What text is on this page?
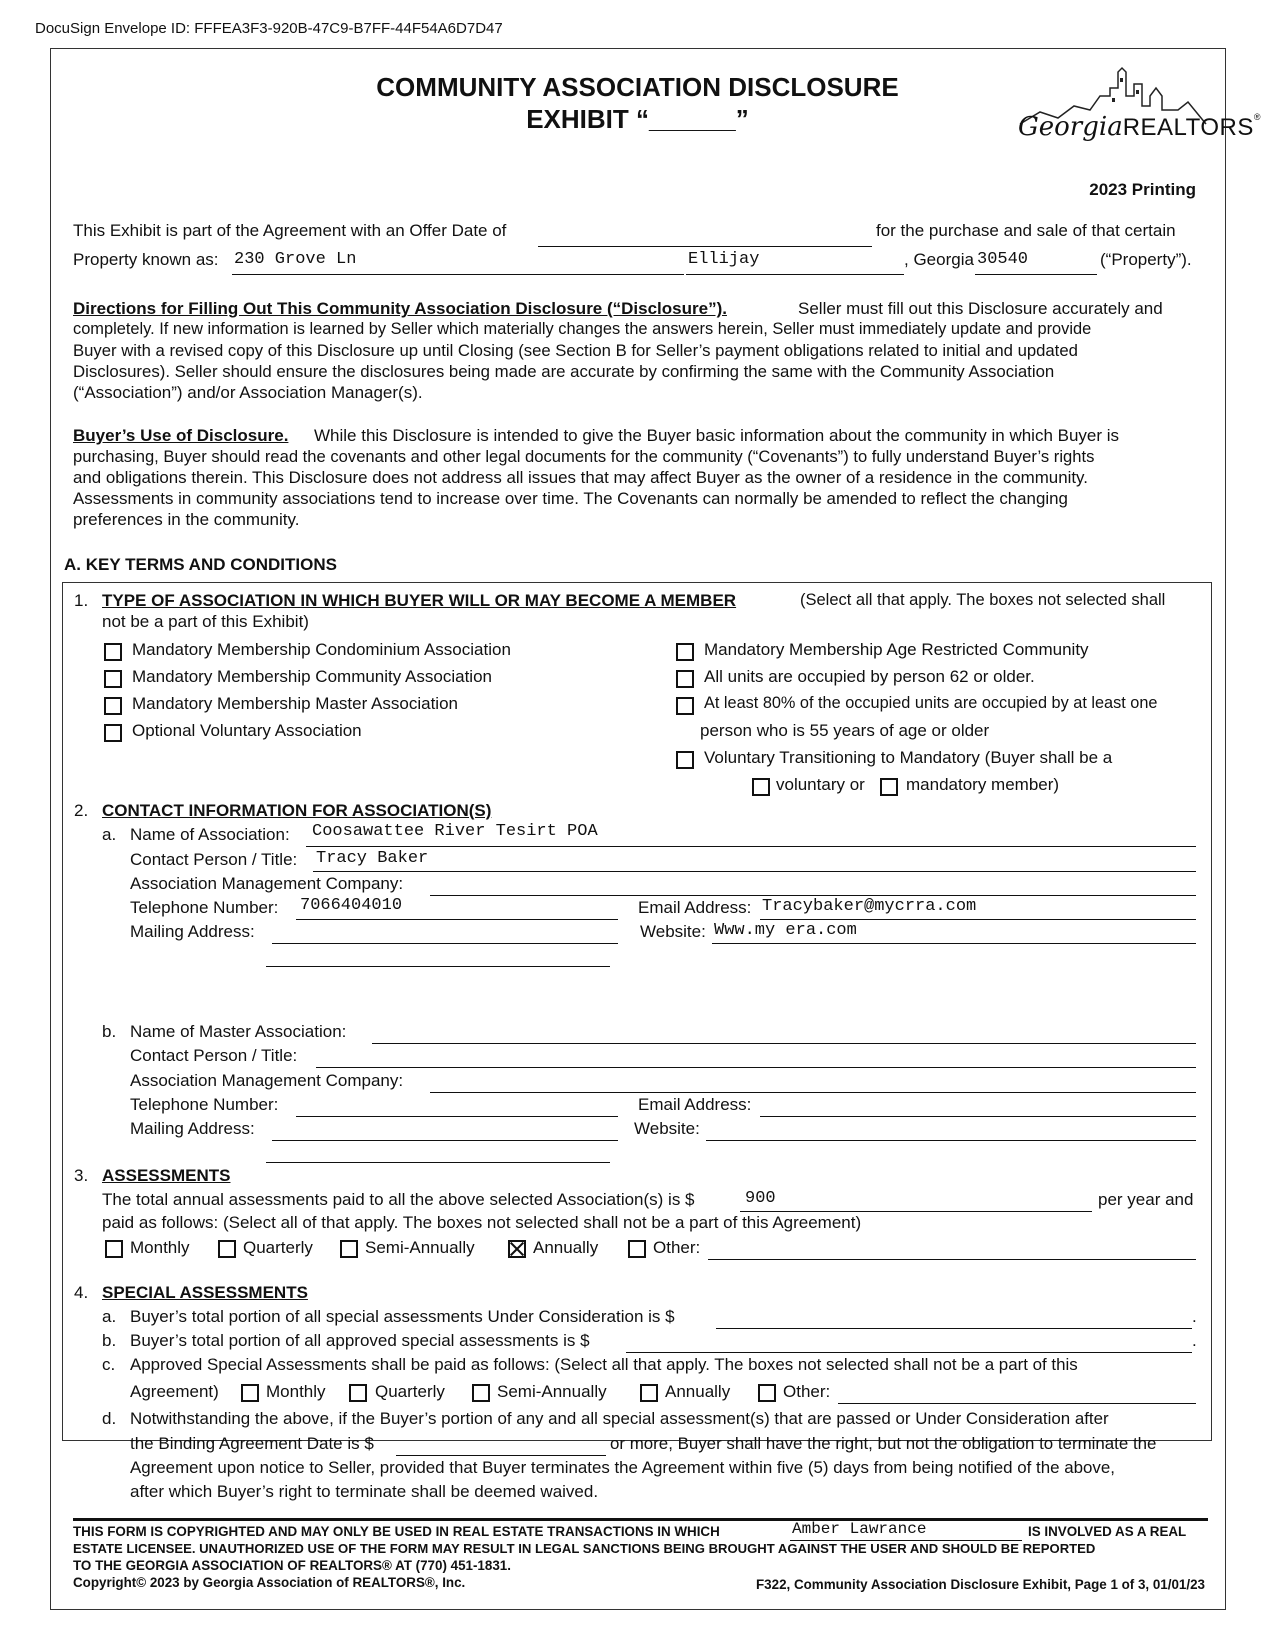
DocuSign Envelope ID: FFFEA3F3-920B-47C9-B7FF-44F54A6D7D47
COMMUNITY ASSOCIATION DISCLOSURE
EXHIBIT “______”	GeorgiaREALTORS®
2023 Printing
This Exhibit is part of the Agreement with an Offer Date of	for the purchase and sale of that certain
Property known as: 230 Grove Ln	Ellijay	, Georgia 30540	(“Property”).
Directions for Filling Out This Community Association Disclosure (“Disclosure”).	Seller must fill out this Disclosure accurately and
completely. If new information is learned by Seller which materially changes the answers herein, Seller must immediately update and provide
Buyer with a revised copy of this Disclosure up until Closing (see Section B for Seller’s payment obligations related to initial and updated
Disclosures). Seller should ensure the disclosures being made are accurate by confirming the same with the Community Association
(“Association”) and/or Association Manager(s).
Buyer’s Use of Disclosure. While this Disclosure is intended to give the Buyer basic information about the community in which Buyer is
purchasing, Buyer should read the covenants and other legal documents for the community (“Covenants”) to fully understand Buyer’s rights
and obligations therein. This Disclosure does not address all issues that may affect Buyer as the owner of a residence in the community.
Assessments in community associations tend to increase over time. The Covenants can normally be amended to reflect the changing
preferences in the community.
A. KEY TERMS AND CONDITIONS
1. TYPE OF ASSOCIATION IN WHICH BUYER WILL OR MAY BECOME A MEMBER	(Select all that apply. The boxes not selected shall
not be a part of this Exhibit)
Mandatory Membership Condominium Association
Mandatory Membership Community Association
Mandatory Membership Master Association
Optional Voluntary Association
Mandatory Membership Age Restricted Community
All units are occupied by person 62 or older.
At least 80% of the occupied units are occupied by at least one
person who is 55 years of age or older
Voluntary Transitioning to Mandatory (Buyer shall be a
voluntary or mandatory member)
2. CONTACT INFORMATION FOR ASSOCIATION(S)
a. Name of Association: Coosawattee River Tesirt POA
Contact Person / Title: Tracy Baker
Association Management Company:
Telephone Number: 7066404010	Email Address: Tracybaker@mycrra.com
Mailing Address:	Website: Www.my era.com
b. Name of Master Association:
Contact Person / Title:
Association Management Company:
Telephone Number:	Email Address:
Mailing Address:	Website:
3. ASSESSMENTS
The total annual assessments paid to all the above selected Association(s) is $	900	per year and
paid as follows: (Select all of that apply. The boxes not selected shall not be a part of this Agreement)
Monthly	Quarterly	Semi-Annually	Annually	Other:
4. SPECIAL ASSESSMENTS
a. Buyer’s total portion of all special assessments Under Consideration is $	.
b. Buyer’s total portion of all approved special assessments is $	.
c. Approved Special Assessments shall be paid as follows: (Select all that apply. The boxes not selected shall not be a part of this
Agreement)	Monthly	Quarterly	Semi-Annually	Annually	Other:
d. Notwithstanding the above, if the Buyer’s portion of any and all special assessment(s) that are passed or Under Consideration after
the Binding Agreement Date is $	or more, Buyer shall have the right, but not the obligation to terminate the
Agreement upon notice to Seller, provided that Buyer terminates the Agreement within five (5) days from being notified of the above,
after which Buyer’s right to terminate shall be deemed waived.
THIS FORM IS COPYRIGHTED AND MAY ONLY BE USED IN REAL ESTATE TRANSACTIONS IN WHICH	Amber Lawrance	IS INVOLVED AS A REAL
ESTATE LICENSEE. UNAUTHORIZED USE OF THE FORM MAY RESULT IN LEGAL SANCTIONS BEING BROUGHT AGAINST THE USER AND SHOULD BE REPORTED
TO THE GEORGIA ASSOCIATION OF REALTORS® AT (770) 451-1831.
Copyright© 2023 by Georgia Association of REALTORS®, Inc.	F322, Community Association Disclosure Exhibit, Page 1 of 3, 01/01/23
